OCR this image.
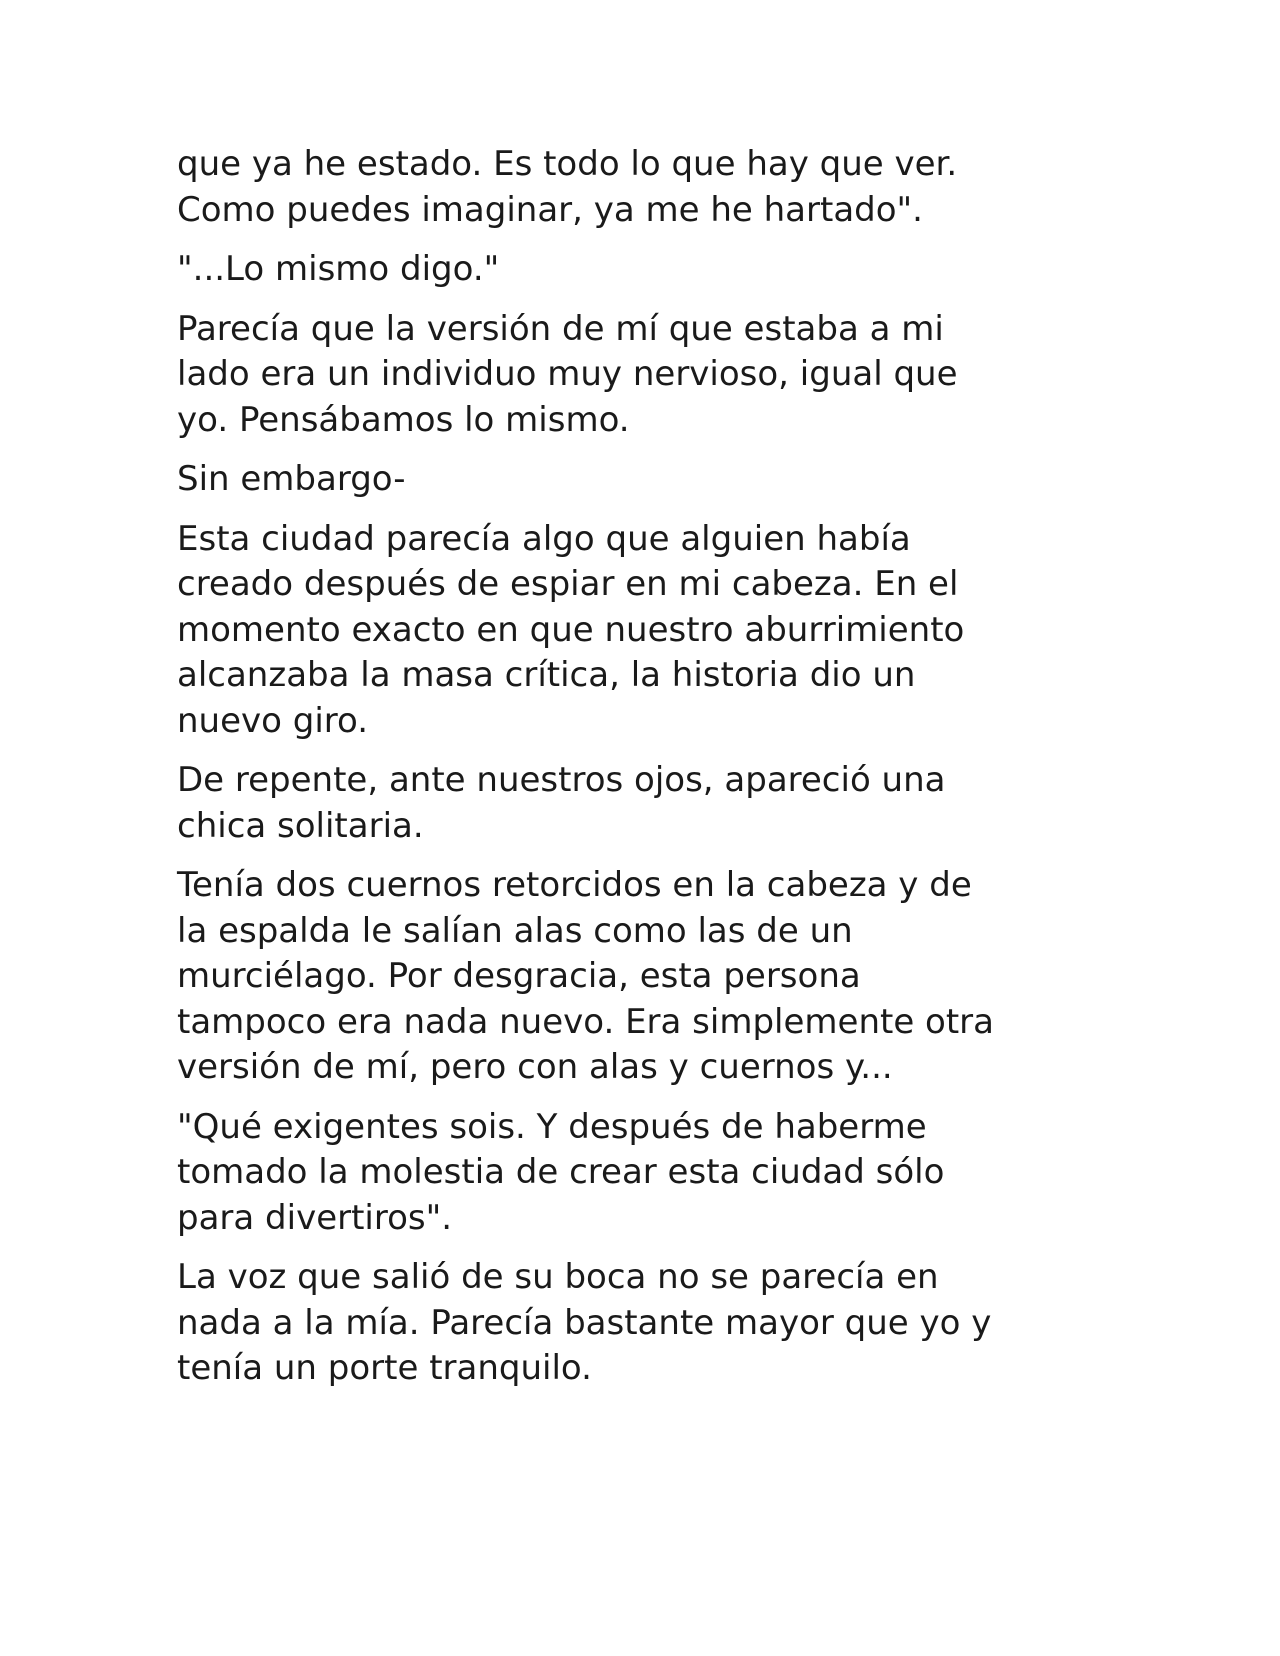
que ya he estado. Es todo lo que hay que ver.
Como puedes imaginar, ya me he hartado".

"...Lo mismo digo."

Parecía que la versión de mí que estaba a mi
lado era un individuo muy nervioso, igual que
yo. Pensábamos lo mismo.

Sin embargo-

Esta ciudad parecía algo que alguien había
creado después de espiar en mi cabeza. En el
momento exacto en que nuestro aburrimiento
alcanzaba la masa crítica, la historia dio un
nuevo giro.

De repente, ante nuestros ojos, apareció una
chica solitaria.

Tenía dos cuernos retorcidos en la cabeza y de
la espalda le salían alas como las de un
murciélago. Por desgracia, esta persona
tampoco era nada nuevo. Era simplemente otra
versión de mí, pero con alas y cuernos y...

"Qué exigentes sois. Y después de haberme
tomado la molestia de crear esta ciudad sólo
para divertiros".

La voz que salió de su boca no se parecía en
nada a la mía. Parecía bastante mayor que yo y
tenía un porte tranquilo.
